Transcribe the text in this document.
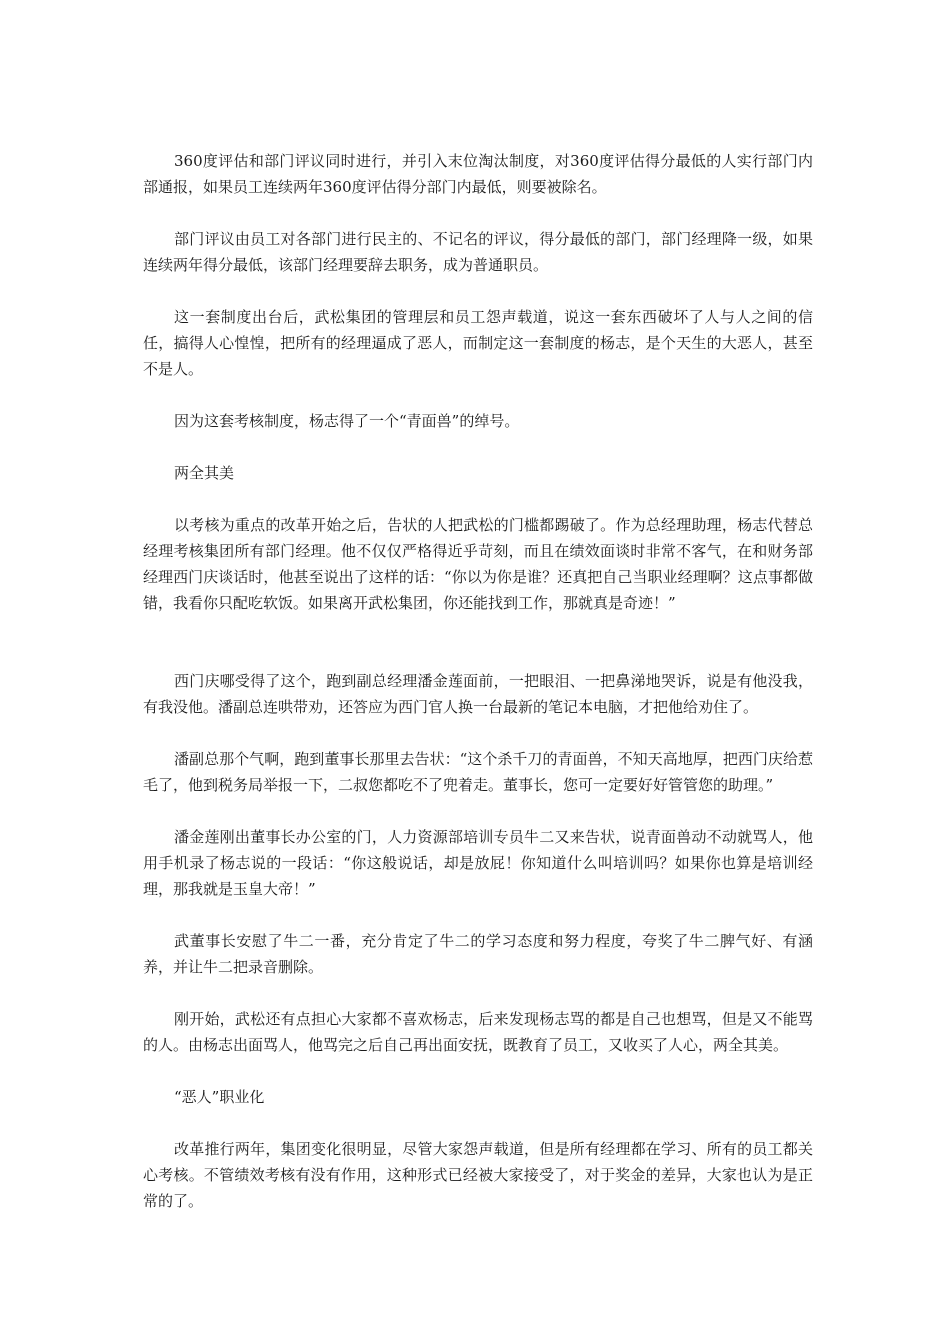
360度评估和部门评议同时进行，并引入末位淘汰制度，对360度评估得分最低的人实行部门内部通报，如果员工连续两年360度评估得分部门内最低，则要被除名。

部门评议由员工对各部门进行民主的、不记名的评议，得分最低的部门，部门经理降一级，如果连续两年得分最低，该部门经理要辞去职务，成为普通职员。

这一套制度出台后，武松集团的管理层和员工怨声载道，说这一套东西破坏了人与人之间的信任，搞得人心惶惶，把所有的经理逼成了恶人，而制定这一套制度的杨志，是个天生的大恶人，甚至不是人。

因为这套考核制度，杨志得了一个“青面兽”的绰号。

两全其美

以考核为重点的改革开始之后，告状的人把武松的门槛都踢破了。作为总经理助理，杨志代替总经理考核集团所有部门经理。他不仅仅严格得近乎苛刻，而且在绩效面谈时非常不客气，在和财务部经理西门庆谈话时，他甚至说出了这样的话：“你以为你是谁？还真把自己当职业经理啊？这点事都做错，我看你只配吃软饭。如果离开武松集团，你还能找到工作，那就真是奇迹！”

西门庆哪受得了这个，跑到副总经理潘金莲面前，一把眼泪、一把鼻涕地哭诉，说是有他没我，有我没他。潘副总连哄带劝，还答应为西门官人换一台最新的笔记本电脑，才把他给劝住了。

潘副总那个气啊，跑到董事长那里去告状：“这个杀千刀的青面兽，不知天高地厚，把西门庆给惹毛了，他到税务局举报一下，二叔您都吃不了兜着走。董事长，您可一定要好好管管您的助理。”

潘金莲刚出董事长办公室的门，人力资源部培训专员牛二又来告状，说青面兽动不动就骂人，他用手机录了杨志说的一段话：“你这般说话，却是放屁！你知道什么叫培训吗？如果你也算是培训经理，那我就是玉皇大帝！”

武董事长安慰了牛二一番，充分肯定了牛二的学习态度和努力程度，夸奖了牛二脾气好、有涵养，并让牛二把录音删除。

刚开始，武松还有点担心大家都不喜欢杨志，后来发现杨志骂的都是自己也想骂，但是又不能骂的人。由杨志出面骂人，他骂完之后自己再出面安抚，既教育了员工，又收买了人心，两全其美。

“恶人”职业化

改革推行两年，集团变化很明显，尽管大家怨声载道，但是所有经理都在学习、所有的员工都关心考核。不管绩效考核有没有作用，这种形式已经被大家接受了，对于奖金的差异，大家也认为是正常的了。
